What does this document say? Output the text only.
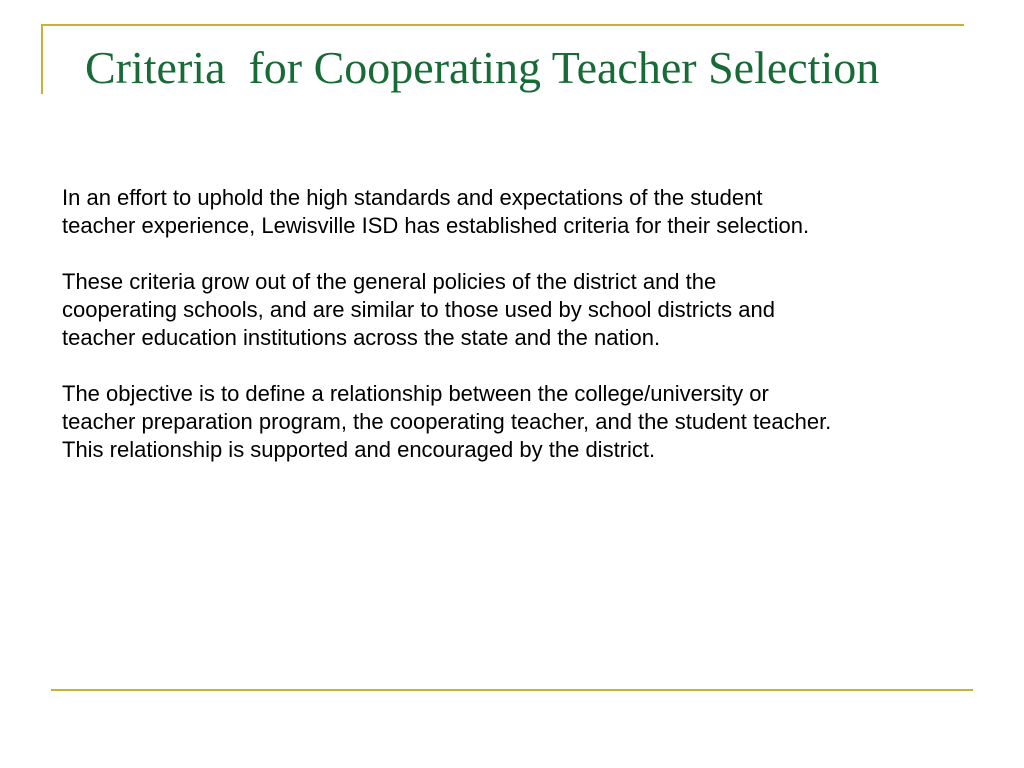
Criteria  for Cooperating Teacher Selection

In an effort to uphold the high standards and expectations of the student
teacher experience, Lewisville ISD has established criteria for their selection.

These criteria grow out of the general policies of the district and the
cooperating schools, and are similar to those used by school districts and
teacher education institutions across the state and the nation.

The objective is to define a relationship between the college/university or
teacher preparation program, the cooperating teacher, and the student teacher.
This relationship is supported and encouraged by the district.
